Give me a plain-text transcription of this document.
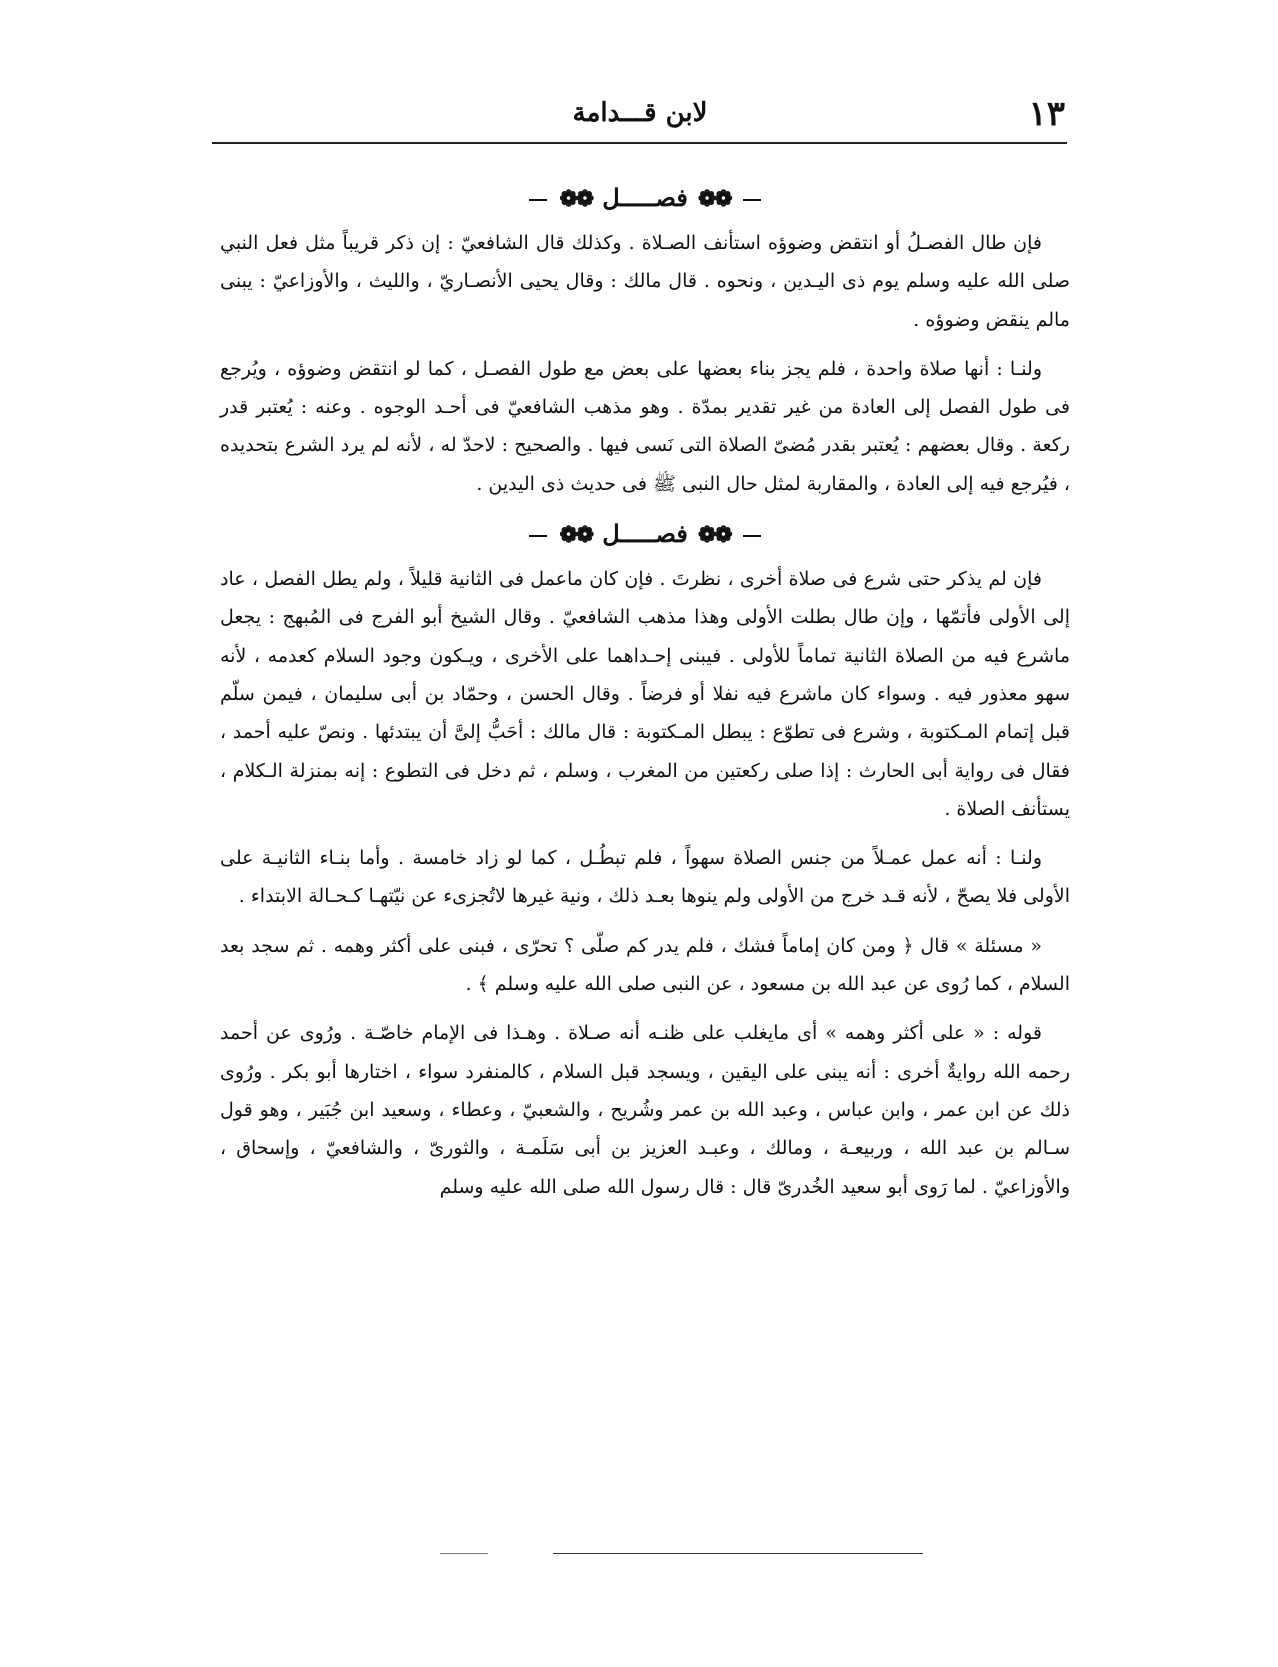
١٣
لابن قـــدامة
❁❁فصـــــل❁❁

فإن طال الفصـلُ أو انتقض وضوؤه استأنف الصـلاة . وكذلك قال الشافعيّ : إن ذكر قريباً مثل فعل النبي صلى الله عليه وسلم يوم ذى اليـدين ، ونحوه . قال مالك : وقال يحيى الأنصـاريّ ، والليث ، والأوزاعيّ : يبنى مالم ينقض وضوؤه .

ولنـا : أنها صلاة واحدة ، فلم يجز بناء بعضها على بعض مع طول الفصـل ، كما لو انتقض وضوؤه ، ويُرجع فى طول الفصل إلى العادة من غير تقدير بمدّة . وهو مذهب الشافعيّ فى أحـد الوجوه . وعنه : يُعتبر قدر ركعة . وقال بعضهم : يُعتبر بقدر مُضىّ الصلاة التى نَسى فيها . والصحيح : لاحدّ له ، لأنه لم يرد الشرع بتحديده ، فيُرجع فيه إلى العادة ، والمقاربة لمثل حال النبى ﷺ فى حديث ذى اليدين .

❁❁فصـــــل❁❁

فإن لم يذكر حتى شرع فى صلاة أخرى ، نظرتَ . فإن كان ماعمل فى الثانية قليلاً ، ولم يطل الفصل ، عاد إلى الأولى فأتمّها ، وإن طال بطلت الأولى وهذا مذهب الشافعيّ . وقال الشيخ أبو الفرج فى المُبهج : يجعل ماشرع فيه من الصلاة الثانية تماماً للأولى . فيبنى إحـداهما على الأخرى ، ويـكون وجود السلام كعدمه ، لأنه سهو معذور فيه . وسواء كان ماشرع فيه نفلا أو فرضاً . وقال الحسن ، وحمّاد بن أبى سليمان ، فيمن سلّم قبل إتمام المـكتوبة ، وشرع فى تطوّع : يبطل المـكتوبة : قال مالك : أحَبُّ إلىَّ أن يبتدئها . ونصّ عليه أحمد ، فقال فى رواية أبى الحارث : إذا صلى ركعتين من المغرب ، وسلم ، ثم دخل فى التطوع : إنه بمنزلة الـكلام ، يستأنف الصلاة .

ولنـا : أنه عمل عمـلاً من جنس الصلاة سهواً ، فلم تبطُـل ، كما لو زاد خامسة . وأما بنـاء الثانيـة على الأولى فلا يصحّ ، لأنه قـد خرج من الأولى ولم ينوها بعـد ذلك ، ونية غيرها لاتُجزىء عن نيّتهـا كـحـالة الابتداء .

« مسئلة » قال ﴿ ومن كان إماماً فشك ، فلم يدر كم صلّى ؟ تحرّى ، فبنى على أكثر وهمه . ثم سجد بعد السلام ، كما رُوى عن عبد الله بن مسعود ، عن النبى صلى الله عليه وسلم ﴾ .

قوله : « على أكثر وهمه » أى مايغلب على ظنـه أنه صـلاة . وهـذا فى الإمام خاصّـة . ورُوى عن أحمد رحمه الله روايةٌ أخرى : أنه يبنى على اليقين ، ويسجد قبل السلام ، كالمنفرد سواء ، اختارها أبو بكر . ورُوى ذلك عن ابن عمر ، وابن عباس ، وعبد الله بن عمر وشُريح ، والشعبيّ ، وعطاء ، وسعيد ابن جُبَير ، وهو قول سـالم بن عبد الله ، وربيعـة ، ومالك ، وعبـد العزيز بن أبى سَلَمـة ، والثورىّ ، والشافعيّ ، وإسحاق ، والأوزاعيّ . لما رَوى أبو سعيد الخُدرىّ قال : قال رسول الله صلى الله عليه وسلم
